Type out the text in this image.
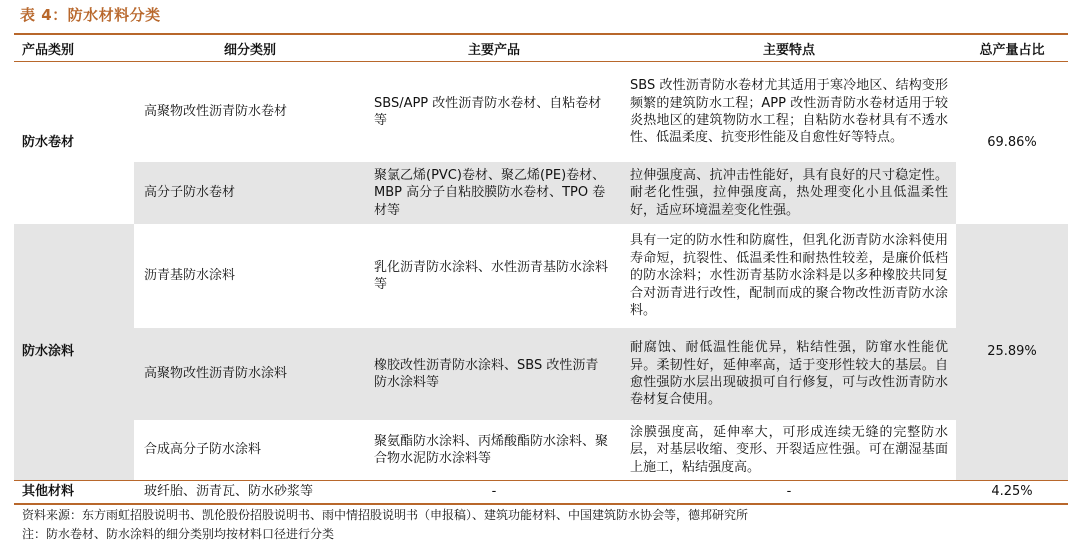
表 4：防水材料分类
产品类别	细分类别	主要产品	主要特点	总产量占比
防水卷材	高聚物改性沥青防水卷材	SBS/APP 改性沥青防水卷材、自粘卷材等	SBS 改性沥青防水卷材尤其适用于寒冷地区、结构变形频繁的建筑防水工程；APP 改性沥青防水卷材适用于较炎热地区的建筑物防水工程；自粘防水卷材具有不透水性、低温柔度、抗变形性能及自愈性好等特点。	69.86%
	高分子防水卷材	聚氯乙烯(PVC)卷材、聚乙烯(PE)卷材、MBP 高分子自粘胶膜防水卷材、TPO 卷材等	拉伸强度高、抗冲击性能好，具有良好的尺寸稳定性。耐老化性强，拉伸强度高，热处理变化小且低温柔性好，适应环境温差变化性强。	
防水涂料	沥青基防水涂料	乳化沥青防水涂料、水性沥青基防水涂料等	具有一定的防水性和防腐性，但乳化沥青防水涂料使用寿命短，抗裂性、低温柔性和耐热性较差，是廉价低档的防水涂料；水性沥青基防水涂料是以多种橡胶共同复合对沥青进行改性，配制而成的聚合物改性沥青防水涂料。	25.89%
	高聚物改性沥青防水涂料	橡胶改性沥青防水涂料、SBS 改性沥青防水涂料等	耐腐蚀、耐低温性能优异，粘结性强，防窜水性能优异。柔韧性好，延伸率高，适于变形性较大的基层。自愈性强防水层出现破损可自行修复，可与改性沥青防水卷材复合使用。	
	合成高分子防水涂料	聚氨酯防水涂料、丙烯酸酯防水涂料、聚合物水泥防水涂料等	涂膜强度高，延伸率大，可形成连续无缝的完整防水层，对基层收缩、变形、开裂适应性强。可在潮湿基面上施工，粘结强度高。	
其他材料	玻纤胎、沥青瓦、防水砂浆等	-	-	4.25%
资料来源：东方雨虹招股说明书、凯伦股份招股说明书、雨中情招股说明书（申报稿）、建筑功能材料、中国建筑防水协会等，德邦研究所
注：防水卷材、防水涂料的细分类别均按材料口径进行分类
